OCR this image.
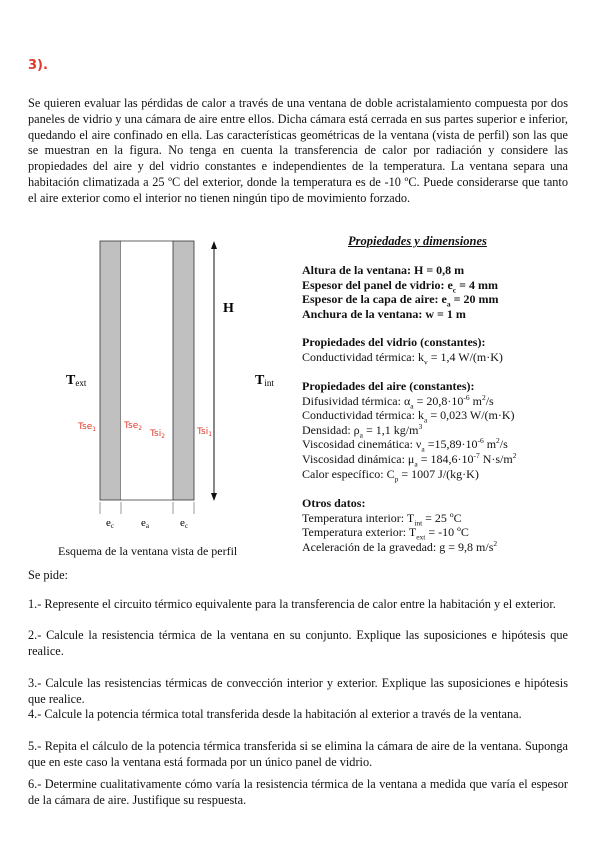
3).

Se quieren evaluar las pérdidas de calor a través de una ventana de doble acristalamiento compuesta por dos paneles de vidrio y una cámara de aire entre ellos. Dicha cámara está cerrada en sus partes superior e inferior, quedando el aire confinado en ella. Las características geométricas de la ventana (vista de perfil) son las que se muestran en la figura. No tenga en cuenta la transferencia de calor por radiación y considere las propiedades del aire y del vidrio constantes e independientes de la temperatura. La ventana separa una habitación climatizada a 25 ºC del exterior, donde la temperatura es de -10 ºC. Puede considerarse que tanto el aire exterior como el interior no tienen ningún tipo de movimiento forzado.

H
Text	Tint
Tse$_1$	Tse$_2$
Tsi$_2$	Tsi$_1$
ec ea	ec
Esquema de la ventana vista de perfil
Propiedades y dimensiones
Altura de la ventana: H = 0,8 m
Espesor del panel de vidrio: $e_c = 4$ mm
Espesor de la capa de aire: $e_a = 20$ mm
Anchura de la ventana: w = 1 m
Propiedades del vidrio (constantes):
Conductividad térmica: $k_v = 1,4$ W/(m·K)
Propiedades del aire (constantes):
Difusividad térmica: $\alpha_a = 20,8\cdot 10^{-6}$ $m^2/s$
Conductividad térmica: $k_a = 0,023$ W/(m·K)
Densidad: $\rho_a = 1,1$ $kg/m^3$
Viscosidad cinemática: $\nu_a =15,89\cdot 10^{-6}$ $m^2/s$
Viscosidad dinámica: $\mu_a = 184,6\cdot 10^{-7}$ $N\cdot s/m^2$
Calor específico: $C_p = 1007$ J/(kg·K)
Otros datos:
Temperatura interior: $T_{int} = 25$ ºC
Temperatura exterior: $T_{ext} = -10$ ºC
Aceleración de la gravedad: g = 9,8 $m/s^2$
Se pide:

1.- Represente el circuito térmico equivalente para la transferencia de calor entre la habitación y el exterior.

2.- Calcule la resistencia térmica de la ventana en su conjunto. Explique las suposiciones e hipótesis que realice.

3.- Calcule las resistencias térmicas de convección interior y exterior. Explique las suposiciones e hipótesis que realice.

4.- Calcule la potencia térmica total transferida desde la habitación al exterior a través de la ventana.

5.- Repita el cálculo de la potencia térmica transferida si se elimina la cámara de aire de la ventana. Suponga que en este caso la ventana está formada por un único panel de vidrio.

6.- Determine cualitativamente cómo varía la resistencia térmica de la ventana a medida que varía el espesor de la cámara de aire. Justifique su respuesta.
